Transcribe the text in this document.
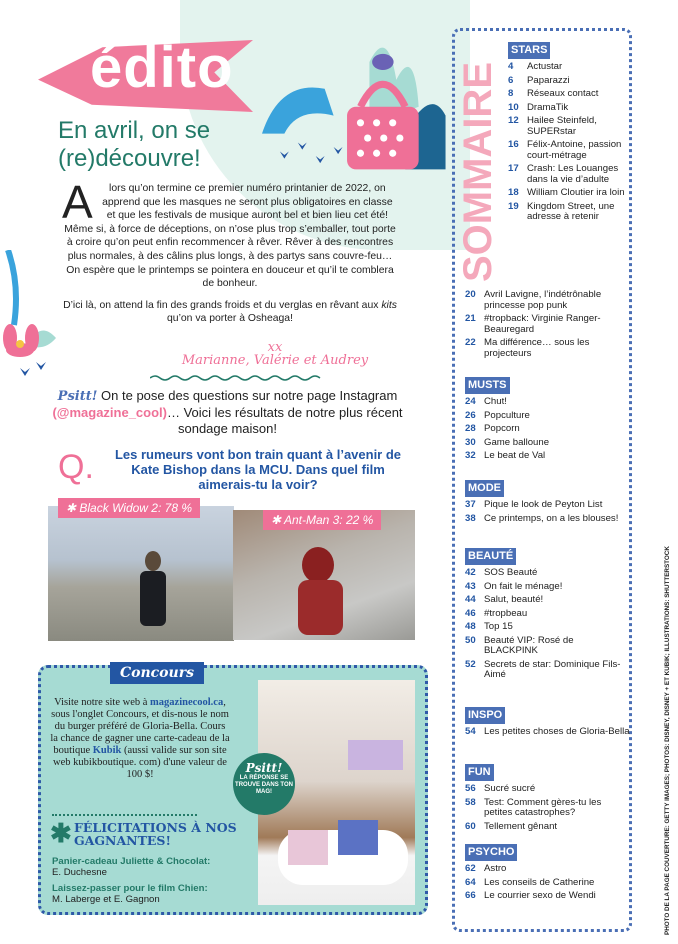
édito
En avril, on se (re)découvre!

A lors qu’on termine ce premier numéro printanier de 2022, on apprend que les masques ne seront plus obligatoires en classe et que les festivals de musique auront bel et bien lieu cet été! Même si, à force de déceptions, on n’ose plus trop s’emballer, tout porte à croire qu’on peut enfin recommencer à rêver. Rêver à des rencontres plus normales, à des câlins plus longs, à des partys sans couvre-feu… On espère que le printemps se pointera en douceur et qu’il te comblera de bonheur.

D’ici là, on attend la fin des grands froids et du verglas en rêvant aux kits qu’on va porter à Osheaga!

xx
Marianne, Valérie et Audrey
Psitt! On te pose des questions sur notre page Instagram (@magazine_cool)… Voici les résultats de notre plus récent sondage maison!
Q.	Les rumeurs vont bon train quant à l’avenir de Kate Bishop dans la MCU. Dans quel film aimerais-tu la voir?
✱ Black Widow 2: 78 %
✱ Ant-Man 3: 22 %
Concours
Psitt!
LA RÉPONSE SE TROUVE DANS TON MAG!
Visite notre site web à magazinecool.ca, sous l'onglet Concours, et dis-nous le nom du burger préféré de Gloria-Bella. Cours la chance de gagner une carte-cadeau de la boutique Kubik (aussi valide sur son site web kubikboutique. com) d'une valeur de 100 $!
✱ FÉLICITATIONS À NOS GAGNANTES!
Panier-cadeau Juliette & Chocolat:
E. Duchesne
Laissez-passer pour le film Chien:
M. Laberge et E. Gagnon
SOMMAIRE
STARS
4	Actustar
6	Paparazzi
8	Réseaux contact
10 DramaTik
12 Hailee Steinfeld, SUPERstar
16 Félix-Antoine, passion court-métrage
17 Crash: Les Louanges dans la vie d’adulte
18 William Cloutier ira loin
19 Kingdom Street, une adresse à retenir
20 Avril Lavigne, l’indétrônable princesse pop punk
21 #tropback: Virginie Ranger-Beauregard
22 Ma différence… sous les projecteurs
MUSTS
24 Chut!
26 Popculture
28 Popcorn
30 Game balloune
32 Le beat de Val
MODE
37 Pique le look de Peyton List
38 Ce printemps, on a les blouses!
BEAUTÉ
42 SOS Beauté
43 On fait le ménage!
44 Salut, beauté!
46 #tropbeau
48 Top 15
50 Beauté VIP: Rosé de BLACKPINK
52 Secrets de star: Dominique Fils-Aimé
INSPO
54 Les petites choses de Gloria-Bella
FUN
56 Sucré sucré
58 Test: Comment gères-tu les petites catastrophes?
60 Tellement gênant
PSYCHO
62 Astro
64 Les conseils de Catherine
66 Le courrier sexo de Wendi	PHOTO DE LA PAGE COUVERTURE: GETTY IMAGES; PHOTOS: DISNEY, DISNEY + ET KUBIK; ILLUSTRATIONS: SHUTTERSTOCK
